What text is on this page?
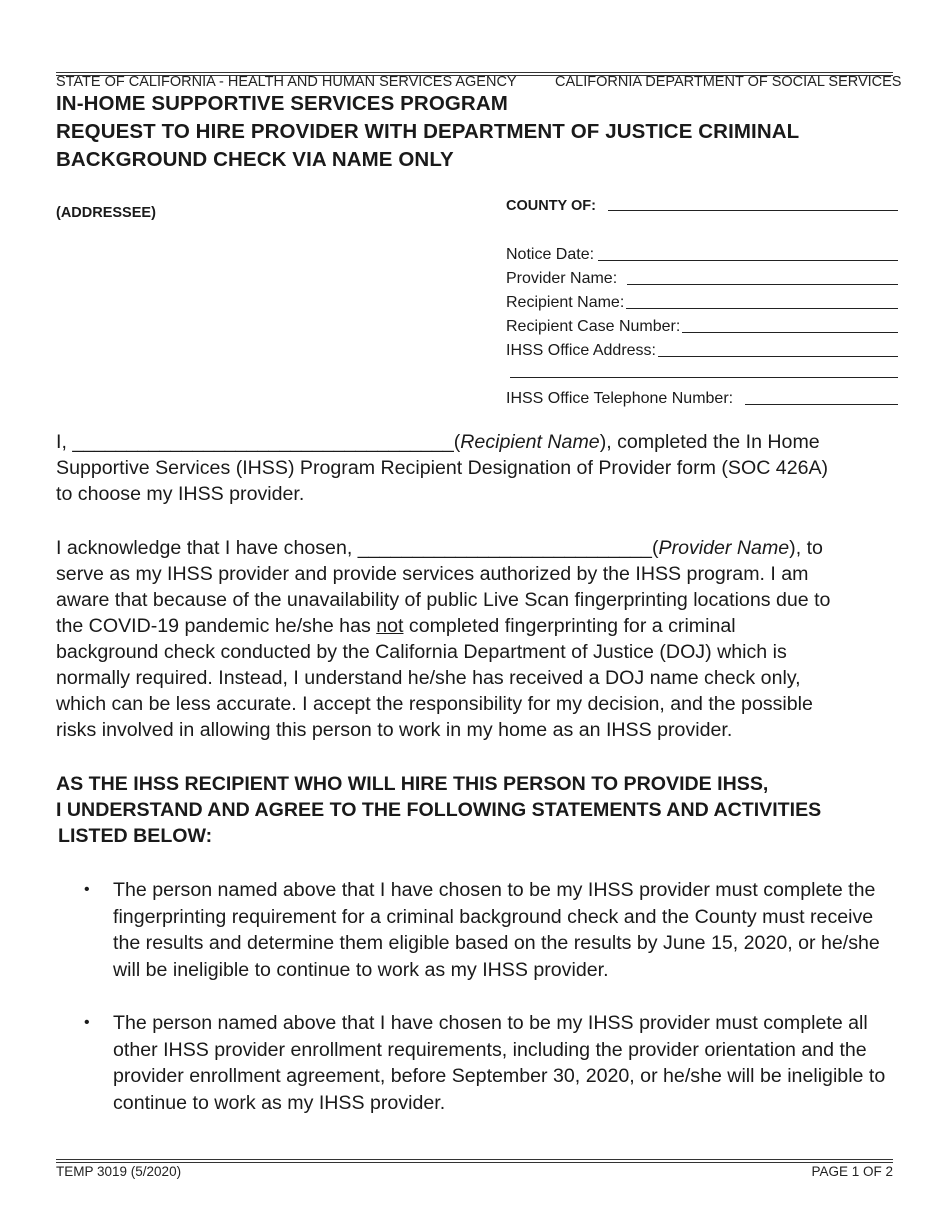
STATE OF CALIFORNIA - HEALTH AND HUMAN SERVICES AGENCY	CALIFORNIA DEPARTMENT OF SOCIAL SERVICES
IN-HOME SUPPORTIVE SERVICES PROGRAM
REQUEST TO HIRE PROVIDER WITH DEPARTMENT OF JUSTICE CRIMINAL
BACKGROUND CHECK VIA NAME ONLY
(ADDRESSEE)	COUNTY OF:
Notice Date:
Provider Name:
Recipient Name:
Recipient Case Number:
IHSS Office Address:
IHSS Office Telephone Number:
I, ___________________________________(Recipient Name), completed the In Home
Supportive Services (IHSS) Program Recipient Designation of Provider form (SOC 426A)
to choose my IHSS provider.
I acknowledge that I have chosen, ___________________________(Provider Name), to
serve as my IHSS provider and provide services authorized by the IHSS program. I am
aware that because of the unavailability of public Live Scan fingerprinting locations due to
the COVID-19 pandemic he/she has not completed fingerprinting for a criminal
background check conducted by the California Department of Justice (DOJ) which is
normally required. Instead, I understand he/she has received a DOJ name check only,
which can be less accurate. I accept the responsibility for my decision, and the possible
risks involved in allowing this person to work in my home as an IHSS provider.
AS THE IHSS RECIPIENT WHO WILL HIRE THIS PERSON TO PROVIDE IHSS,
I UNDERSTAND AND AGREE TO THE FOLLOWING STATEMENTS AND ACTIVITIES
LISTED BELOW:
•	The person named above that I have chosen to be my IHSS provider must complete the fingerprinting requirement for a criminal background check and the County must receive the results and determine them eligible based on the results by June 15, 2020, or he/she will be ineligible to continue to work as my IHSS provider.
•	The person named above that I have chosen to be my IHSS provider must complete all other IHSS provider enrollment requirements, including the provider orientation and the provider enrollment agreement, before September 30, 2020, or he/she will be ineligible to continue to work as my IHSS provider.
TEMP 3019 (5/2020)	PAGE 1 OF 2
